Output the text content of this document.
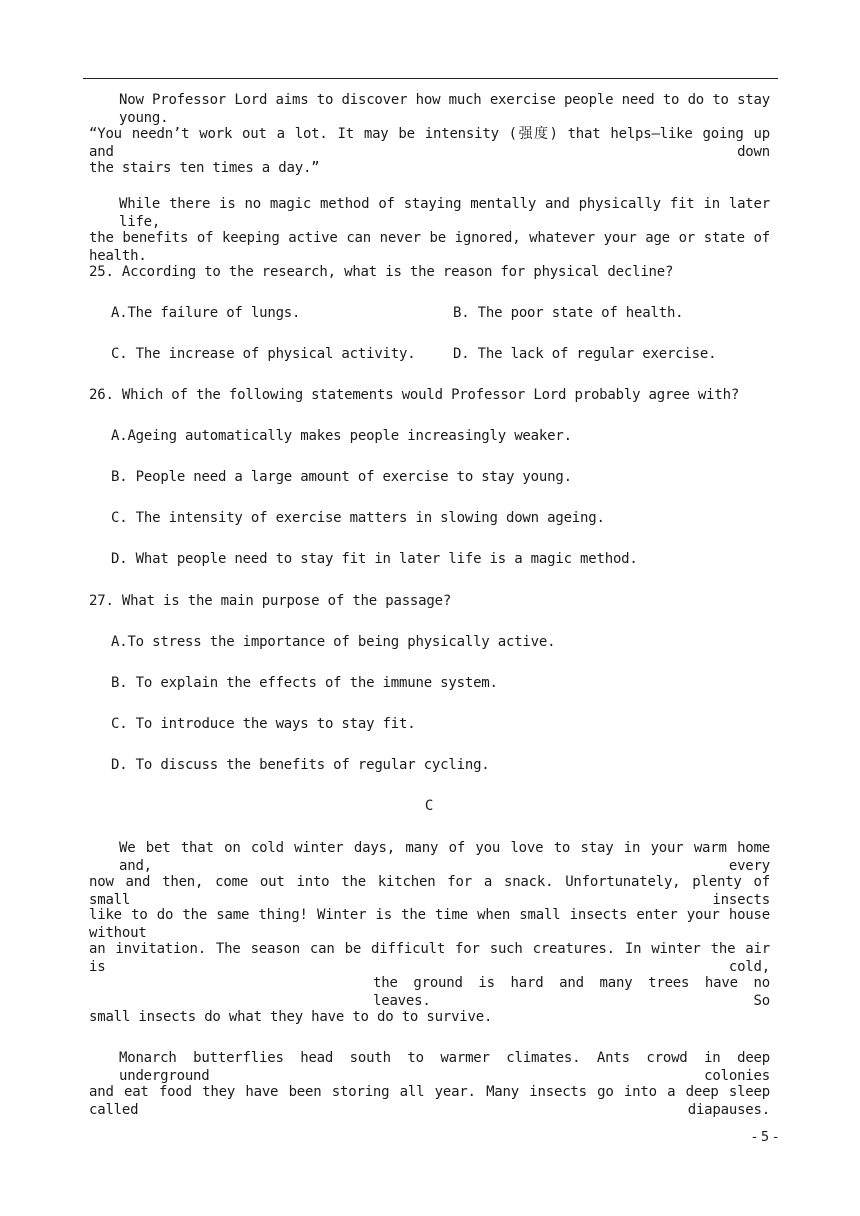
Now Professor Lord aims to discover how much exercise people need to do to stay young.
“You needn’t work out a lot. It may be intensity (强度) that helps—like going up and down
the stairs ten times a day.”
While there is no magic method of staying mentally and physically fit in later life,
the benefits of keeping active can never be ignored, whatever your age or state of health.
25. According to the research, what is the reason for physical decline?
A.The failure of lungs.	B. The poor state of health.
C. The increase of physical activity.	D. The lack of regular exercise.
26. Which of the following statements would Professor Lord probably agree with?
A.Ageing automatically makes people increasingly weaker.
B. People need a large amount of exercise to stay young.
C. The intensity of exercise matters in slowing down ageing.
D. What people need to stay fit in later life is a magic method.
27. What is the main purpose of the passage?
A.To stress the importance of being physically active.
B. To explain the effects of the immune system.
C. To introduce the ways to stay fit.
D. To discuss the benefits of regular cycling.
C
We bet that on cold winter days, many of you love to stay in your warm home and, every
now and then, come out into the kitchen for a snack. Unfortunately, plenty of small insects
like to do the same thing! Winter is the time when small insects enter your house without
an invitation. The season can be difficult for such creatures. In winter the air is cold,
the ground is hard and many trees have no leaves. So
small insects do what they have to do to survive.
Monarch butterflies head south to warmer climates. Ants crowd in deep underground colonies
and eat food they have been storing all year. Many insects go into a deep sleep called diapauses.
- 5 -
